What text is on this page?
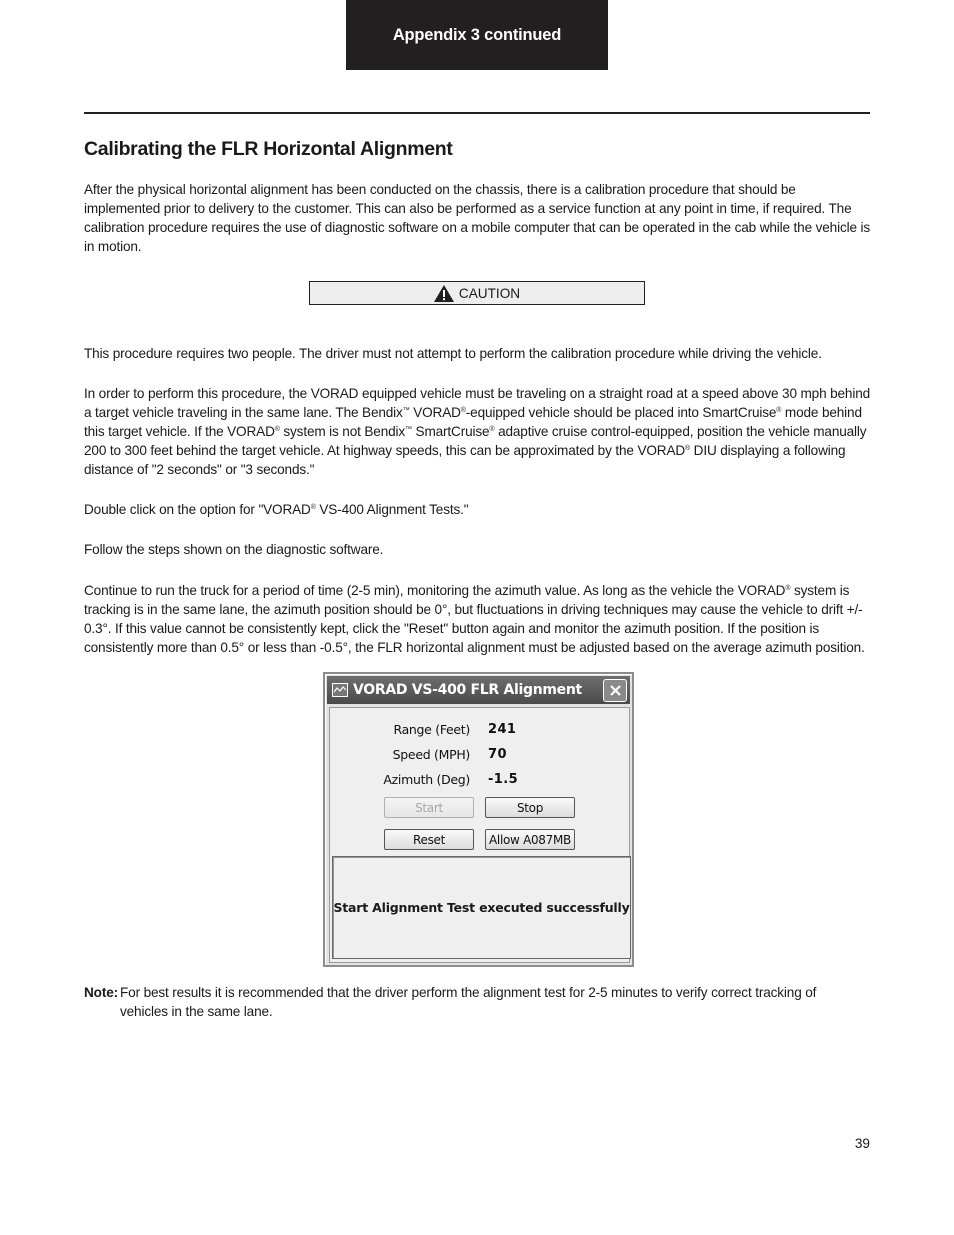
Appendix 3 continued
Calibrating the FLR Horizontal Alignment
After the physical horizontal alignment has been conducted on the chassis, there is a calibration procedure that should be implemented prior to delivery to the customer. This can also be performed as a service function at any point in time, if required. The calibration procedure requires the use of diagnostic software on a mobile computer that can be operated in the cab while the vehicle is in motion.
CAUTION
This procedure requires two people. The driver must not attempt to perform the calibration procedure while driving the vehicle.
In order to perform this procedure, the VORAD equipped vehicle must be traveling on a straight road at a speed above 30 mph behind a target vehicle traveling in the same lane. The Bendix™ VORAD®-equipped vehicle should be placed into SmartCruise® mode behind this target vehicle. If the VORAD® system is not Bendix™ SmartCruise® adaptive cruise control-equipped, position the vehicle manually 200 to 300 feet behind the target vehicle. At highway speeds, this can be approximated by the VORAD® DIU displaying a following distance of "2 seconds" or "3 seconds."
Double click on the option for "VORAD® VS-400 Alignment Tests."
Follow the steps shown on the diagnostic software.
Continue to run the truck for a period of time (2-5 min), monitoring the azimuth value. As long as the vehicle the VORAD® system is tracking is in the same lane, the azimuth position should be 0°, but fluctuations in driving techniques may cause the vehicle to drift +/- 0.3°. If this value cannot be consistently kept, click the "Reset" button again and monitor the azimuth position. If the position is consistently more than 0.5° or less than -0.5°, the FLR horizontal alignment must be adjusted based on the average azimuth position.
VORAD VS-400 FLR Alignment
Range (Feet) 241
Speed (MPH) 70
Azimuth (Deg) -1.5
Start	Stop
Reset	Allow A087MB
Start Alignment Test executed successfully
Note: For best results it is recommended that the driver perform the alignment test for 2-5 minutes to verify correct tracking of vehicles in the same lane.
39
